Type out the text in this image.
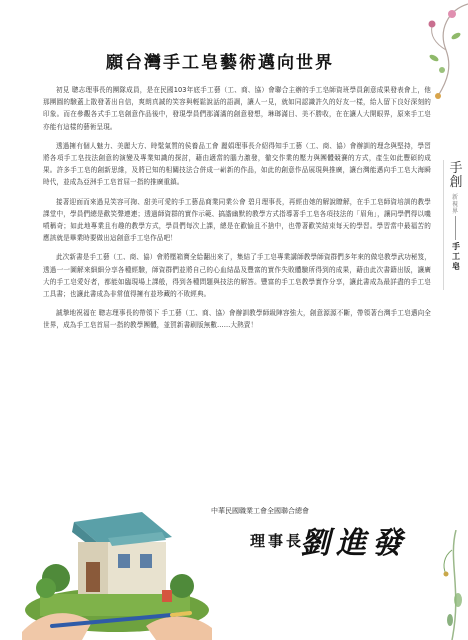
手創
新視界
手工皂
願台灣手工皂藝術邁向世界

初見 聰志理事長的團隊成員，是在民國103年底手工藝（工、商、協）會聯合主辦的手工皂師資班學員創意成果發表會上，他那團圓的驗蓋上散發著出自信，爽朗真誠的笑容與輕鬆說話的語調，讓人一見，就如同認識許久的好友一樣，給人留下良好深刻的印象。而在參觀各式手工皂創意作品後中，發現學員們那滿滿的創意發想，琳瑯滿目、美不勝收，在在讓人大開眼界，原來手工皂亦能有這樣的藝術呈現。

透過擁有個人魅力、美麗大方、時髦氣質的侯養品工會 麗娟理事長介紹得知手工藝（工、商、協）會辦訓的理念與堅持，學習將各項手工皂技法創意的演變及專業知識的探討，藉由適當的腦力激發，徹交作業的壓力與團體競賽的方式，產生如此豐碩的成果。許多手工皂的創新思維，及將已知的相關技法合併成一嶄新的作品，如此的創意作品展現與推廣，讓台灣能邁向手工皂大海瞬時代，並成為亞洲手工皂首屈一指的推廣重鎮。

接著迎面而來過見笑容可掬、甜美可愛的手工藝品商業同業公會 碧月理事長，再經由她的解說瞭解，在手工皂師資培訓的教學課堂中，學員們總是歡笑聲連連；透過師資群的實作示範、搞諧幽默的教學方式指導著手工皂各項技法的「眉角」，讓同學們得以嘰噴稱奇；如此地專業且有趣的教學方式，學員們每次上課，總是在歡愉且不捨中，也帶著歡笑結束每天的學習。學習當中最福苦的應該就是畢業時要做出這創意手工皂作品吧！

此次新書是手工藝（工、商、協）會將壓箱寶全給翻出來了，集結了手工皂專業講師教學師資群們多年來的做皂教學武功秘笈，透過一一圖解來細細分享各種經驗，師資群們並將自己的心血結晶及豐富的實作失敗體驗所得到的成果，藉由此次書籍出版，讓廣大的手工皂愛好者，都能如臨現場上課般，得到各種問題與技法的解答。豐富的手工皂教學實作分享，讓此書成為最詳盡的手工皂工具書；也讓此書成為非常值得擁有並珍藏的不敗經典。

誠摯地祝福在 聰志理事長的帶領下 手工藝（工、商、協）會辦訓教學師級陣容強大，創意源源不斷，帶領著台灣手工皂邁向全世界，成為手工皂首屈一指的教學團體，並賀新書刷版無數……大熱賣！

中華民國職業工會全國聯合總會
理事長
劉進發
